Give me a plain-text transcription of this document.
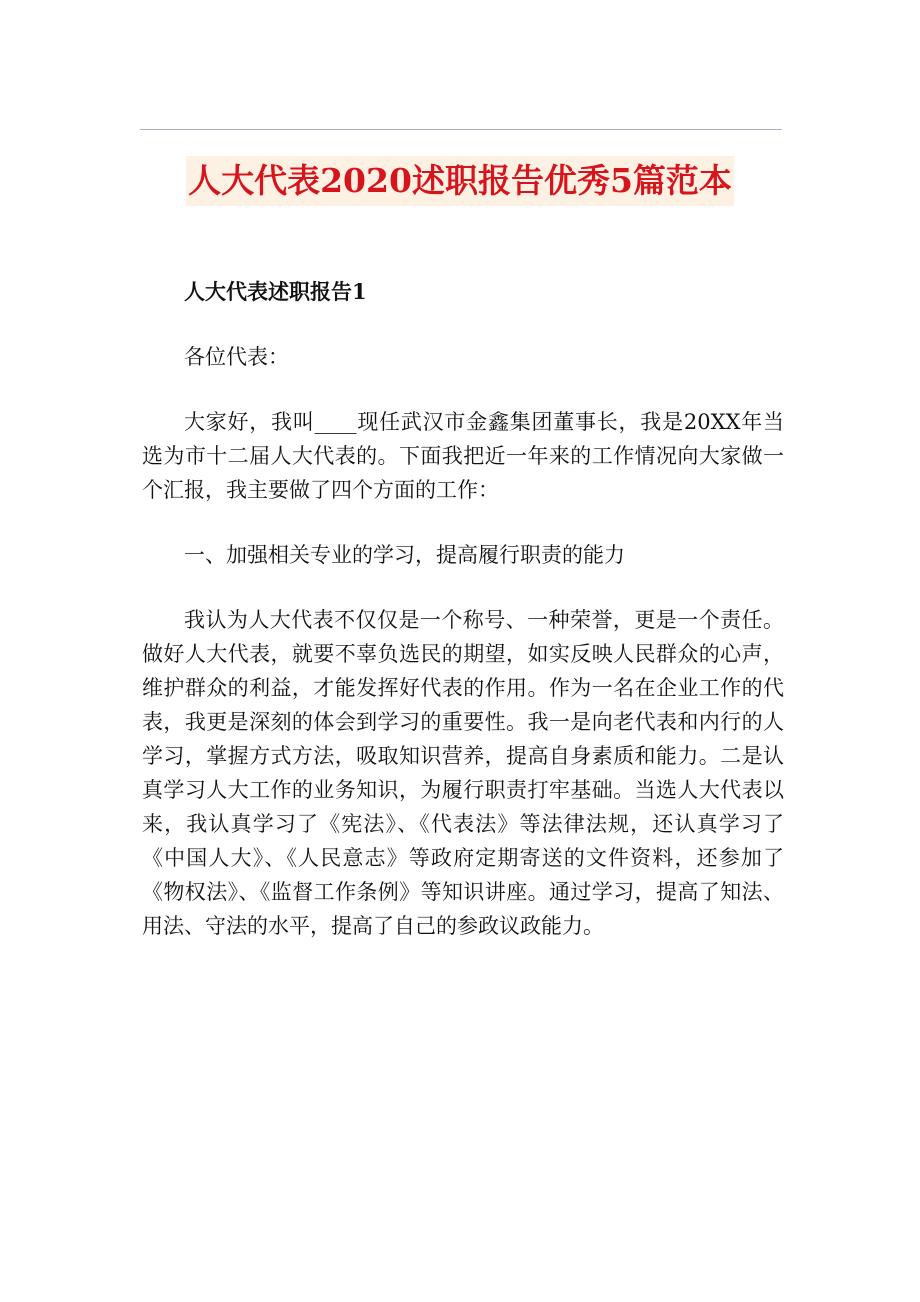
人大代表2020述职报告优秀5篇范本

人大代表述职报告1

各位代表：

大家好，我叫____现任武汉市金鑫集团董事长，我是20XX年当选为市十二届人大代表的。下面我把近一年来的工作情况向大家做一个汇报，我主要做了四个方面的工作：

一、加强相关专业的学习，提高履行职责的能力

我认为人大代表不仅仅是一个称号、一种荣誉，更是一个责任。做好人大代表，就要不辜负选民的期望，如实反映人民群众的心声，维护群众的利益，才能发挥好代表的作用。作为一名在企业工作的代表，我更是深刻的体会到学习的重要性。我一是向老代表和内行的人学习，掌握方式方法，吸取知识营养，提高自身素质和能力。二是认真学习人大工作的业务知识，为履行职责打牢基础。当选人大代表以来，我认真学习了《宪法》、《代表法》等法律法规，还认真学习了《中国人大》、《人民意志》等政府定期寄送的文件资料，还参加了《物权法》、《监督工作条例》等知识讲座。通过学习，提高了知法、用法、守法的水平，提高了自己的参政议政能力。
